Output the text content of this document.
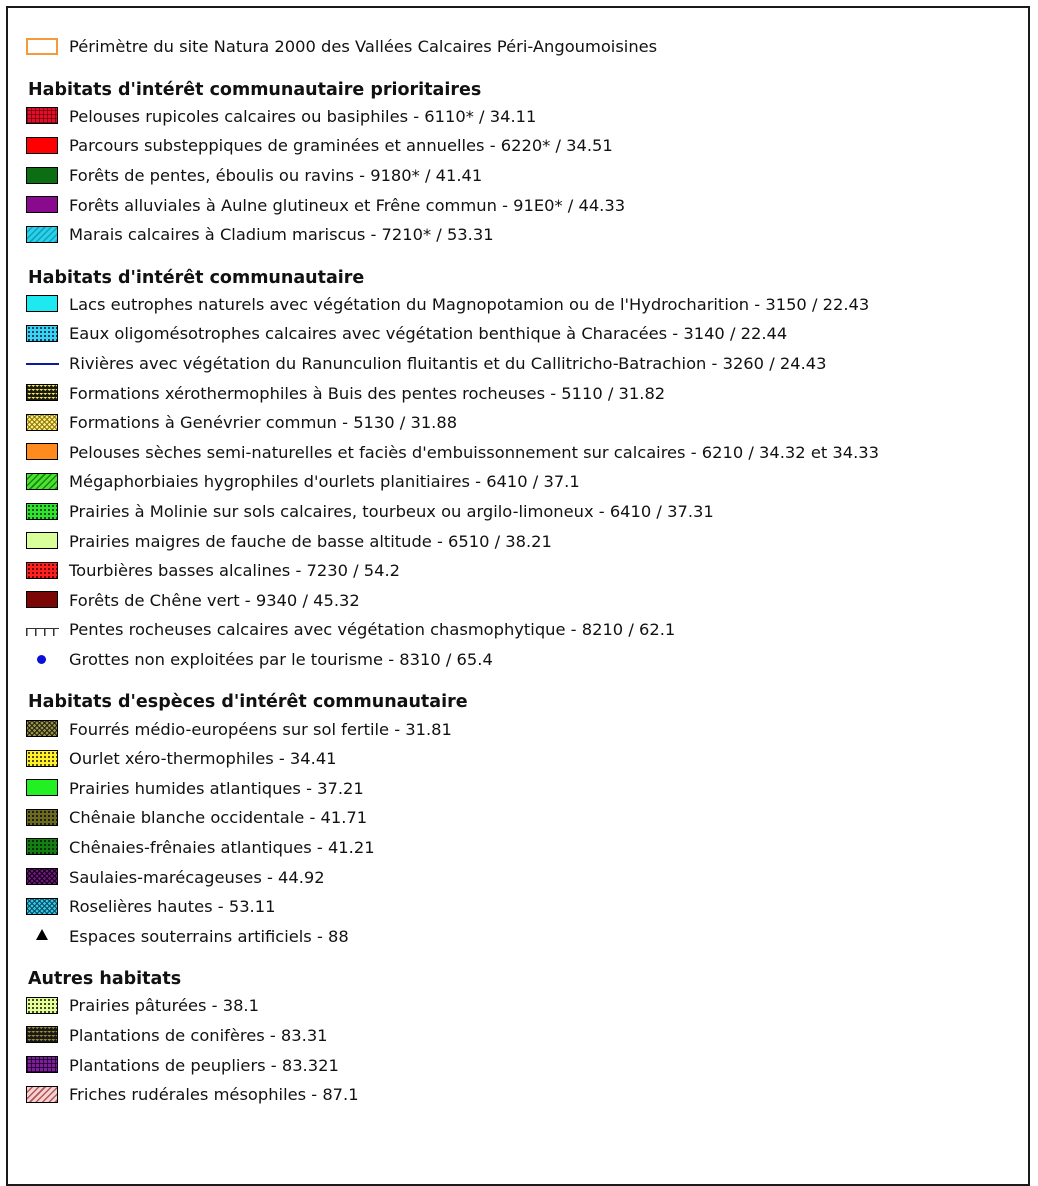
Périmètre du site Natura 2000 des Vallées Calcaires Péri-Angoumoisines
Habitats d'intérêt communautaire prioritaires
Pelouses rupicoles calcaires ou basiphiles - 6110* / 34.11
Parcours substeppiques de graminées et annuelles - 6220* / 34.51
Forêts de pentes, éboulis ou ravins - 9180* / 41.41
Forêts alluviales à Aulne glutineux et Frêne commun - 91E0* / 44.33
Marais calcaires à Cladium mariscus - 7210* / 53.31
Habitats d'intérêt communautaire
Lacs eutrophes naturels avec végétation du Magnopotamion ou de l'Hydrocharition - 3150 / 22.43
Eaux oligomésotrophes calcaires avec végétation benthique à Characées - 3140 / 22.44
Rivières avec végétation du Ranunculion fluitantis et du Callitricho-Batrachion - 3260 / 24.43
Formations xérothermophiles à Buis des pentes rocheuses - 5110 / 31.82
Formations à Genévrier commun - 5130 / 31.88
Pelouses sèches semi-naturelles et faciès d'embuissonnement sur calcaires - 6210 / 34.32 et 34.33
Mégaphorbiaies hygrophiles d'ourlets planitiaires - 6410 / 37.1
Prairies à Molinie sur sols calcaires, tourbeux ou argilo-limoneux - 6410 / 37.31
Prairies maigres de fauche de basse altitude - 6510 / 38.21
Tourbières basses alcalines - 7230 / 54.2
Forêts de Chêne vert - 9340 / 45.32
Pentes rocheuses calcaires avec végétation chasmophytique - 8210 / 62.1
Grottes non exploitées par le tourisme - 8310 / 65.4
Habitats d'espèces d'intérêt communautaire
Fourrés médio-européens sur sol fertile - 31.81
Ourlet xéro-thermophiles - 34.41
Prairies humides atlantiques - 37.21
Chênaie blanche occidentale - 41.71
Chênaies-frênaies atlantiques - 41.21
Saulaies-marécageuses - 44.92
Roselières hautes - 53.11
Espaces souterrains artificiels - 88
Autres habitats
Prairies pâturées - 38.1
Plantations de conifères - 83.31
Plantations de peupliers - 83.321
Friches rudérales mésophiles - 87.1
